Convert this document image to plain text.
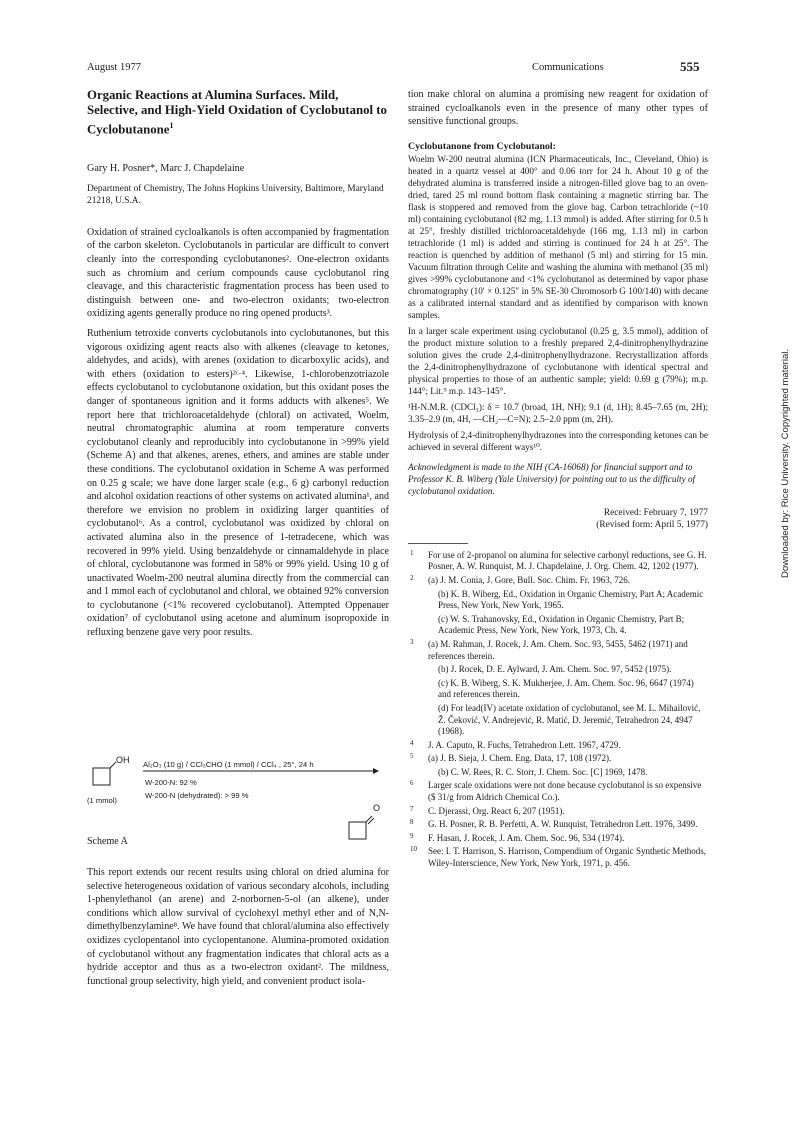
August 1977	Communications	555
Downloaded by: Rice University. Copyrighted material.
Organic Reactions at Alumina Surfaces. Mild, Selective, and High-Yield Oxidation of Cyclobutanol to Cyclobutanone$^1$
Gary H. Posner*, Marc J. Chapdelaine
Department of Chemistry, The Johns Hopkins University, Baltimore, Maryland 21218, U.S.A.

Oxidation of strained cycloalkanols is often accompanied by fragmentation of the carbon skeleton. Cyclobutanols in particular are difficult to convert cleanly into the corresponding cyclobutanones². One-electron oxidants such as chromium and cerium compounds cause cyclobutanol ring cleavage, and this characteristic fragmentation process has been used to distinguish between one- and two-electron oxidants; two-electron oxidizing agents generally produce no ring opened products³.

Ruthenium tetroxide converts cyclobutanols into cyclobutanones, but this vigorous oxidizing agent reacts also with alkenes (cleavage to ketones, aldehydes, and acids), with arenes (oxidation to dicarboxylic acids), and with ethers (oxidation to esters)²ᶜ·⁴. Likewise, 1-chlorobenzotriazole effects cyclobutanol to cyclobutanone oxidation, but this oxidant poses the danger of spontaneous ignition and it forms adducts with alkenes⁵. We report here that trichloroacetaldehyde (chloral) on activated, Woelm, neutral chromatographic alumina at room temperature converts cyclobutanol cleanly and reproducibly into cyclobutanone in >99% yield (Scheme A) and that alkenes, arenes, ethers, and amines are stable under these conditions. The cyclobutanol oxidation in Scheme A was performed on 0.25 g scale; we have done larger scale (e.g., 6 g) carbonyl reduction and alcohol oxidation reactions of other systems on activated alumina¹, and therefore we envision no problem in oxidizing larger quantities of cyclobutanol⁶. As a control, cyclobutanol was oxidized by chloral on activated alumina also in the presence of 1-tetradecene, which was recovered in 99% yield. Using benzaldehyde or cinnamaldehyde in place of chloral, cyclobutanone was formed in 58% or 99% yield. Using 10 g of unactivated Woelm-200 neutral alumina directly from the commercial can and 1 mmol each of cyclobutanol and chloral, we obtained 92% conversion to cyclobutanone (<1% recovered cyclobutanol). Attempted Oppenauer oxidation⁷ of cyclobutanol using acetone and aluminum isopropoxide in refluxing benzene gave very poor results.

OH
(1 mmol)
Al₂O₃ (10 g) / CCl₃CHO (1 mmol) / CCl₄ , 25°, 24 h
W-200-N: 92 %
W-200-N (dehydrated): > 99 %
O
Scheme A

This report extends our recent results using chloral on dried alumina for selective heterogeneous oxidation of various secondary alcohols, including 1-phenylethanol (an arene) and 2-norbornen-5-ol (an alkene), under conditions which allow survival of cyclohexyl methyl ether and of N,N-dimethylbenzylamine⁸. We have found that chloral/alumina also effectively oxidizes cyclopentanol into cyclopentanone. Alumina-promoted oxidation of cyclobutanol without any fragmentation indicates that chloral acts as a hydride acceptor and thus as a two-electron oxidant². The mildness, functional group selectivity, high yield, and convenient product isola-

tion make chloral on alumina a promising new reagent for oxidation of strained cycloalkanols even in the presence of many other types of sensitive functional groups.
Cyclobutanone from Cyclobutanol:

Woelm W-200 neutral alumina (ICN Pharmaceuticals, Inc., Cleveland, Ohio) is heated in a quartz vessel at 400° and 0.06 torr for 24 h. About 10 g of the dehydrated alumina is transferred inside a nitrogen-filled glove bag to an oven-dried, tared 25 ml round bottom flask containing a magnetic stirring bar. The flask is stoppered and removed from the glove bag. Carbon tetrachloride (~10 ml) containing cyclobutanol (82 mg, 1.13 mmol) is added. After stirring for 0.5 h at 25°, freshly distilled trichloroacetaldehyde (166 mg, 1.13 ml) in carbon tetrachloride (1 ml) is added and stirring is continued for 24 h at 25°. The reaction is quenched by addition of methanol (5 ml) and stirring for 15 min. Vacuum filtration through Celite and washing the alumina with methanol (35 ml) gives >99% cyclobutanone and <1% cyclobutanol as determined by vapor phase chromatography (10′ × 0.125″ in 5% SE-30 Chromosorb G 100/140) with decane as a calibrated internal standard and as identified by comparison with known samples.

In a larger scale experiment using cyclobutanol (0.25 g, 3.5 mmol), addition of the product mixture solution to a freshly prepared 2,4-dinitrophenylhydrazine solution gives the crude 2,4-dinitrophenylhydrazone. Recrystallization affords the 2,4-dinitrophenylhydrazone of cyclobutanone with identical spectral and physical properties to those of an authentic sample; yield: 0.69 g (79%); m.p. 144°; Lit.⁹ m.p. 143–145°.

¹H-N.M.R. (CDCl₃): δ = 10.7 (broad, 1H, NH); 9.1 (d, 1H); 8.45–7.65 (m, 2H); 3.35–2.9 (m, 4H, —CH₂—C=N); 2.5–2.0 ppm (m, 2H).

Hydrolysis of 2,4-dinitrophenylhydrazones into the corresponding ketones can be achieved in several different ways¹⁰.

Acknowledgment is made to the NIH (CA-16068) for financial support and to Professor K. B. Wiberg (Yale University) for pointing out to us the difficulty of cyclobutanol oxidation.
Received: February 7, 1977
(Revised form: April 5, 1977)
1 For use of 2-propanol on alumina for selective carbonyl reductions, see G. H. Posner, A. W. Runquist, M. J. Chapdelaine, J. Org. Chem. 42, 1202 (1977).
2 (a) J. M. Conia, J. Gore, Bull. Soc. Chim. Fr. 1963, 726.
(b) K. B. Wiberg, Ed., Oxidation in Organic Chemistry, Part A; Academic Press, New York, New York, 1965.
(c) W. S. Trahanovsky, Ed., Oxidation in Organic Chemistry, Part B; Academic Press, New York, New York, 1973, Ch. 4.
3 (a) M. Rahman, J. Rocek, J. Am. Chem. Soc. 93, 5455, 5462 (1971) and references therein.
(b) J. Rocek, D. E. Aylward, J. Am. Chem. Soc. 97, 5452 (1975).
(c) K. B. Wiberg, S. K. Mukherjee, J. Am. Chem. Soc. 96, 6647 (1974) and references therein.
(d) For lead(IV) acetate oxidation of cyclobutanol, see M. L. Mihailović, Ž. Čeković, V. Andrejević, R. Matić, D. Jeremić, Tetrahedron 24, 4947 (1968).
4 J. A. Caputo, R. Fuchs, Tetrahedron Lett. 1967, 4729.
5 (a) J. B. Sieja, J. Chem. Eng. Data, 17, 108 (1972).
(b) C. W. Rees, R. C. Storr, J. Chem. Soc. [C] 1969, 1478.
6 Larger scale oxidations were not done because cyclobutanol is so expensive ($ 31/g from Aldrich Chemical Co.).
7 C. Djerassi, Org. React 6, 207 (1951).
8 G. H. Posner, R. B. Perfetti, A. W. Runquist, Tetrahedron Lett. 1976, 3499.
9 F. Hasan, J. Rocek, J. Am. Chem. Soc. 96, 534 (1974).
10 See: I. T. Harrison, S. Harrison, Compendium of Organic Synthetic Methods, Wiley-Interscience, New York, New York, 1971, p. 456.
